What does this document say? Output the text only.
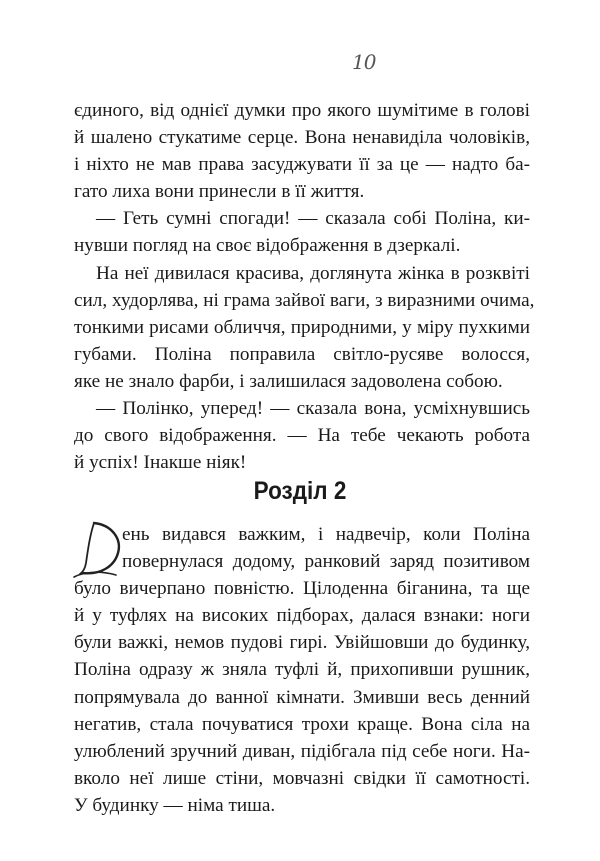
10
єдиного, від однієї думки про якого шумітиме в голові
й шалено стукатиме серце. Вона ненавиділа чоловіків,
і ніхто не мав права засуджувати її за це — надто ба-
гато лиха вони принесли в її життя.
— Геть сумні спогади! — сказала собі Поліна, ки-
нувши погляд на своє відображення в дзеркалі.
На неї дивилася красива, доглянута жінка в розквіті
сил, худорлява, ні грама зайвої ваги, з виразними очима,
тонкими рисами обличчя, природними, у міру пухкими
губами. Поліна поправила світло-русяве волосся,
яке не знало фарби, і залишилася задоволена собою.
— Полінко, уперед! — сказала вона, усміхнувшись
до свого відображення. — На тебе чекають робота
й успіх! Інакше ніяк!
Розділ 2
ень видався важким, і надвечір, коли Поліна
повернулася додому, ранковий заряд позитивом
було вичерпано повністю. Цілоденна біганина, та ще
й у туфлях на високих підборах, далася взнаки: ноги
були важкі, немов пудові гирі. Увійшовши до будинку,
Поліна одразу ж зняла туфлі й, прихопивши рушник,
попрямувала до ванної кімнати. Змивши весь денний
негатив, стала почуватися трохи краще. Вона сіла на
улюблений зручний диван, підібгала під себе ноги. На-
вколо неї лише стіни, мовчазні свідки її самотності.
У будинку — німа тиша.
